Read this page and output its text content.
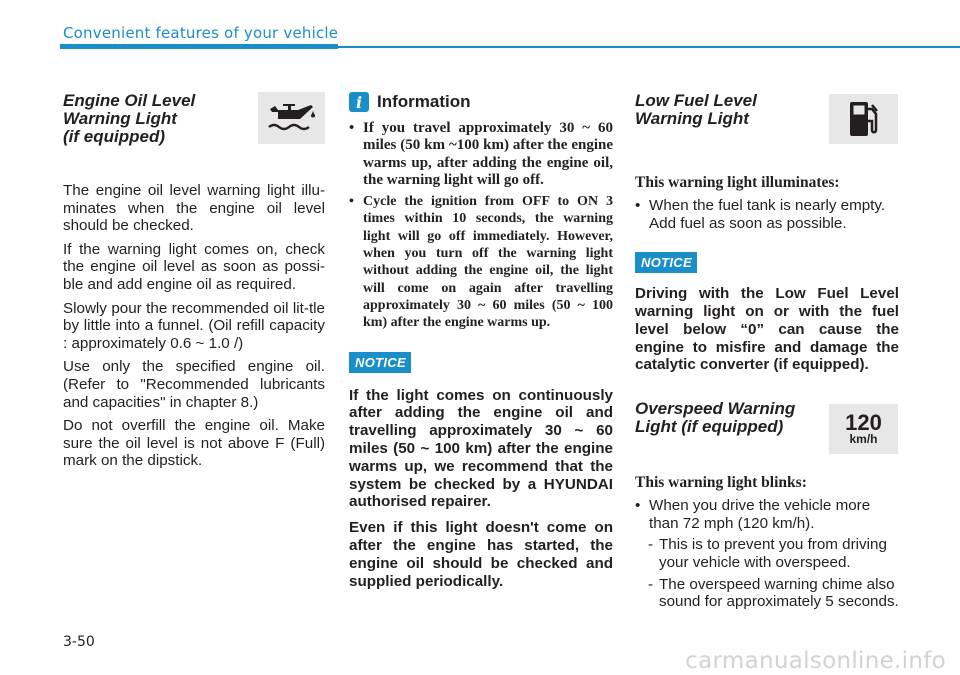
Convenient features of your vehicle
Engine Oil Level
Warning Light
(if equipped)

The engine oil level warning light illu-minates when the engine oil level should be checked.

If the warning light comes on, check the engine oil level as soon as possi-ble and add engine oil as required.

Slowly pour the recommended oil lit-tle by little into a funnel. (Oil refill capacity : approximately 0.6 ~ 1.0 /)

Use only the specified engine oil. (Refer to "Recommended lubricants and capacities" in chapter 8.)

Do not overfill the engine oil. Make sure the oil level is not above F (Full) mark on the dipstick.

i Information
• If you travel approximately 30 ~ 60 miles (50 km ~100 km) after the engine warms up, after adding the engine oil, the warning light will go off.
• Cycle the ignition from OFF to ON 3 times within 10 seconds, the warning light will go off immediately. However, when you turn off the warning light without adding the engine oil, the light will come on again after travelling approximately 30 ~ 60 miles (50 ~ 100 km) after the engine warms up.
NOTICE

If the light comes on continuously after adding the engine oil and travelling approximately 30 ~ 60 miles (50 ~ 100 km) after the engine warms up, we recommend that the system be checked by a HYUNDAI authorised repairer.

Even if this light doesn't come on after the engine has started, the engine oil should be checked and supplied periodically.

Low Fuel Level
Warning Light

This warning light illuminates:

• When the fuel tank is nearly empty. Add fuel as soon as possible.
NOTICE

Driving with the Low Fuel Level warning light on or with the fuel level below “0” can cause the engine to misfire and damage the catalytic converter (if equipped).

Overspeed Warning
Light (if equipped)	120
km/h

This warning light blinks:

• When you drive the vehicle more than 72 mph (120 km/h).
- This is to prevent you from driving your vehicle with overspeed.
- The overspeed warning chime also sound for approximately 5 seconds.
3-50
carmanualsonline.info
